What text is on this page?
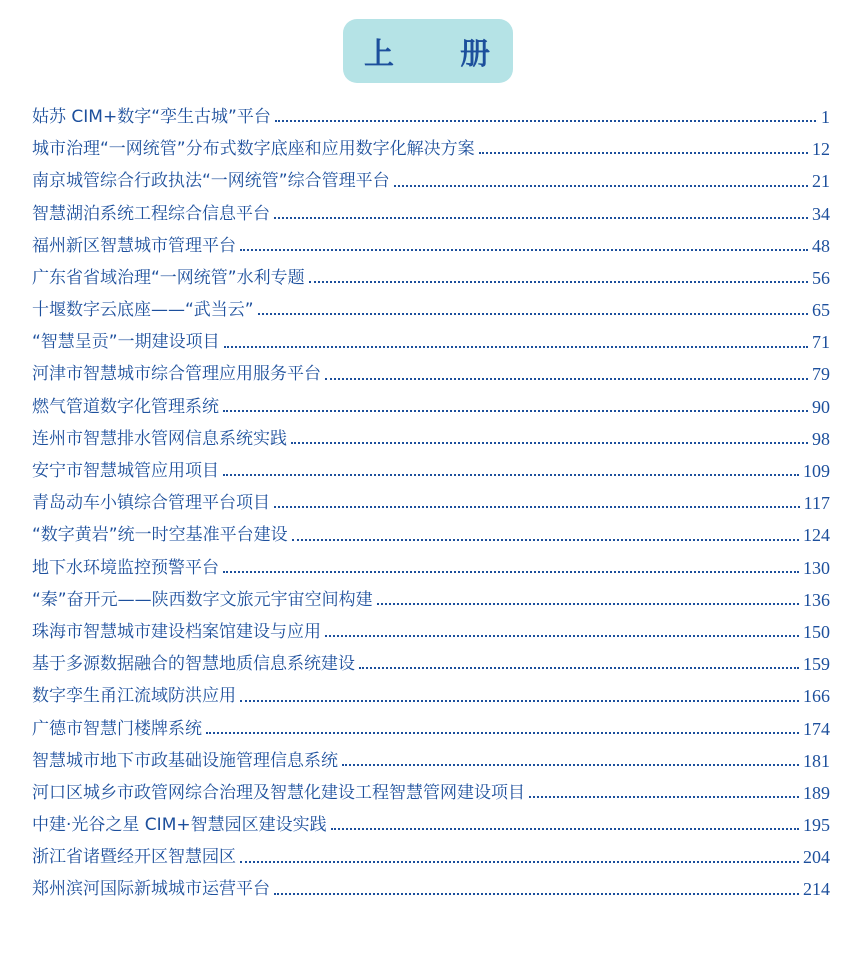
上　　册
姑苏 CIM+数字“孪生古城”平台	1
城市治理“一网统管”分布式数字底座和应用数字化解决方案	12
南京城管综合行政执法“一网统管”综合管理平台	21
智慧湖泊系统工程综合信息平台	34
福州新区智慧城市管理平台	48
广东省省域治理“一网统管”水利专题	56
十堰数字云底座——“武当云”	65
“智慧呈贡”一期建设项目	71
河津市智慧城市综合管理应用服务平台	79
燃气管道数字化管理系统	90
连州市智慧排水管网信息系统实践	98
安宁市智慧城管应用项目	109
青岛动车小镇综合管理平台项目	117
“数字黄岩”统一时空基准平台建设	124
地下水环境监控预警平台	130
“秦”奋开元——陕西数字文旅元宇宙空间构建	136
珠海市智慧城市建设档案馆建设与应用	150
基于多源数据融合的智慧地质信息系统建设	159
数字孪生甬江流域防洪应用	166
广德市智慧门楼牌系统	174
智慧城市地下市政基础设施管理信息系统	181
河口区城乡市政管网综合治理及智慧化建设工程智慧管网建设项目	189
中建·光谷之星 CIM+智慧园区建设实践	195
浙江省诸暨经开区智慧园区	204
郑州滨河国际新城城市运营平台	214
